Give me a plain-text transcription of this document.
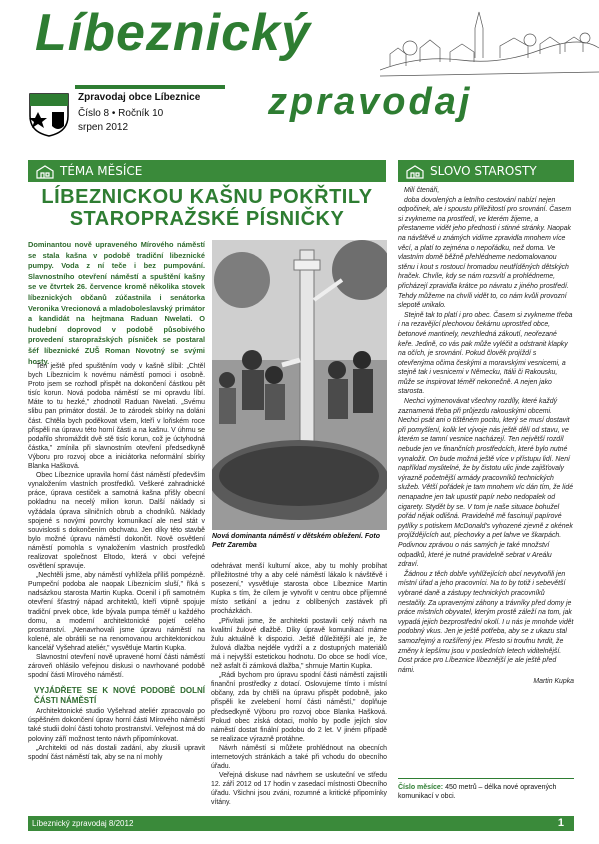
Líbeznický
zpravodaj
Zpravodaj obce Líbeznice
Číslo 8 • Ročník 10
srpen 2012
TÉMA MĚSÍCE	SLOVO STAROSTY
LÍBEZNICKOU KAŠNU POKŘTILY STAROPRAŽSKÉ PÍSNIČKY
Dominantou nově upraveného Mírového náměstí se stala kašna v podobě tradiční libeznické pumpy. Voda z ní teče i bez pumpování. Slavnostního otevření náměstí a spuštění kašny se ve čtvrtek 26. července kromě několika stovek líbeznických občanů zúčastnila i senátorka Veronika Vrecionová a mladoboleslavský primátor a kandidát na hejtmana Raduan Nwelati. O hudební doprovod v podobě působivého provedení staropražských písniček se postaral šéf líbeznické ZUŠ Roman Novotný se svými hosty.

Ten ještě před spuštěním vody v kašně slíbil: „Chtěl bych Líbeznicím k novému náměstí pomoci i osobně. Proto jsem se rozhodl přispět na dokončení částkou pět tisíc korun. Nová podoba náměstí se mi opravdu líbí. Máte to tu hezké," zhodnotil Raduan Nwelati. „Svému slibu pan primátor dostál. Je to zárodek sbírky na doláni část. Chtěla bych poděkovat všem, kteří v loňském roce přispěli na úpravu této horní části a na kašnu. V úhrnu se podařilo shromáždit dvě stě tisíc korun, což je úctyhodná částka," zmínila při slavnostním otevření předsedkyně Výboru pro rozvoj obce a iniciátorka neformální sbírky Blanka Hašková.

Obec Líbeznice upravila horní část náměstí především vynaložením vlastních prostředků. Veškeré zahradnické práce, úprava cestiček a samotná kašna přišly obecní pokladnu na necelý milion korun. Další náklady si vyžádala úprava silničních obrub a chodníků. Náklady spojené s novými povrchy komunikací ale nesl stát v souvislosti s dokončením obchvatu. Jen díky této stavbě bylo možné úpravu náměstí dokončit. Nově osvětlení náměstí pomohla s vynaložením vlastních prostředků realizovat společnost Eltodo, která v obci veřejné osvětlení spravuje.

„Nechtěli jsme, aby náměstí vyhlížela příliš pompézně. Pumpeční podoba ale naopak Líbeznicím sluší," říká s nadsázkou starosta Martin Kupka. Ocenil i při samotném otevření šťastný nápad architektů, kteří vtipně spojuje tradiční prvek obce, kde bývala pumpa téměř u každého domu, a moderní architektonické pojetí celého prostranství. „Nenavrhovali jsme úpravu náměstí na kolené, ale obrátili se na renomovanou architektonickou kancelář Vyšehrad ateliér," vysvětluje Martin Kupka.

Slavnostní otevření nově upravené horní části náměstí zároveň ohlásilo veřejnou diskusi o navrhované podobě spodní části Mírového náměstí.

VYJÁDŘETE SE K NOVÉ PODOBĚ DOLNÍ ČÁSTI NÁMĚSTÍ

Architektonické studio Vyšehrad ateliér zpracovalo po úspěšném dokončení úprav horní části Mírového náměstí také studii dolní části tohoto prostranství. Veřejnost má do poloviny září možnost tento návrh připomínkovat.

„Architekti od nás dostali zadání, aby zkusili upravit spodní část náměstí tak, aby se na ní mohly

Nová dominanta náměstí v dětském obležení. Foto Petr Zaremba

odehrávat menší kulturní akce, aby tu mohly probíhat příležitostné trhy a aby celé náměstí lákalo k návštěvě i posezení," vysvětluje starosta obce Líbeznice Martin Kupka s tím, že cílem je vytvořit v centru obce příjemné místo setkání a jednu z oblíbených zastávek při procházkách.

„Přivítali jsme, že architekti postavili celý návrh na kvalitní žulové dlažbě. Díky úpravě komunikací máme žulu aktuálně k dispozici. Ještě důležitější ale je, že žulová dlažba nejdéle vydrží a z dostupných materiálů má i nejvyšší estetickou hodnotu. Do obce se hodí více, než asfalt či zámková dlažba," shrnuje Martin Kupka.

„Rádi bychom pro úpravu spodní části náměstí zajistili finanční prostředky z dotací. Oslovujeme tímto i místní občany, zda by chtěli na úpravu přispět podobně, jako přispěli ke zvelebení horní části náměstí," doplňuje předsedkyně Výboru pro rozvoj obce Blanka Hašková. Pokud obec získá dotaci, mohlo by podle jejích slov náměstí dostat finální podobu do 2 let. V jiném případě se realizace výrazně protáhne.

Návrh náměstí si můžete prohlédnout na obecních internetových stránkách a také při vchodu do obecního úřadu.

Veřejná diskuse nad návrhem se uskuteční ve středu 12. září 2012 od 17 hodin v zasedací místnosti Obecního úřadu. Všichni jsou zváni, rozumné a kritické připomínky vítány.

Milí čtenáři,

doba dovolených a letního cestování nabízí nejen odpočinek, ale i spoustu příležitostí pro srovnání. Časem si zvykneme na prostředí, ve kterém žijeme, a přestaneme vidět jeho přednosti i stinné stránky. Naopak na návštěvě u známých vidíme zpravidla mnohem více věcí, a platí to zejména o nepořádku, než doma. Ve vlastním domě běžně přehlédneme nedomalovanou stěnu i kout s rostoucí hromadou neutříděných dětských hraček. Chvíle, kdy se nám rozsvítí a prohlédneme, přicházejí zpravidla krátce po návratu z jiného prostředí. Tehdy můžeme na chvíli vidět to, co nám kvůli provozní slepotě unikalo.

Stejně tak to platí i pro obec. Časem si zvykneme třeba i na rezavějící plechovou čekárnu uprostřed obce, betonové mantinely, nevzhledná zákoutí, neořezané keře. Jedině, co vás pak může vyléčit a odstranit klapky na očích, je srovnání. Pokud člověk projíždí s otevřenýma očima českými a moravskými vesnicemi, a stejně tak i vesnicemi v Německu, Itálii či Rakousku, může se inspirovat téměř nekonečně. A nejen jako starosta.

Nechci vyjmenovávat všechny rozdíly, které každý zaznamená třeba při průjezdu rakouskými obcemi. Nechci psát ani o tištěném pocitu, který se musí dostavit při pomyšlení, kolik let vývoje nás ještě dělí od stavu, ve kterém se tamní vesnice nacházejí. Ten největší rozdíl nebude jen ve finančních prostředcích, které bylo nutné vynaložit. On bude možná ještě více v přístupu lidí. Není například myslitelné, že by čistotu ulic jinde zajišťovaly výrazně početnější armády pracovníků technických služeb. Větší pořádek je tam mnohem víc dán tím, že lidé nenapadne jen tak upustit papír nebo nedopalek od cigarety. Stydět by se. V tom je naše situace bohužel pořád nějak odlišná. Pravidelně mě fascinují papírové pytlíky s potiskem McDonald's vyhozené zjevně z okének projíždějících aut, plechovky a pet lahve ve škarpách. Podivnou zprávou o nás samých je také množství odpadků, které je nutné pravidelně sebrat v Areálu zdraví.

Žádnou z těch dobře vyhlížejících obcí nevytvořili jen místní úřad a jeho pracovníci. Na to by totiž i sebevětší vybrané daně a zástupy technických pracovníků nestačily. Za upravenými záhony a trávníky před domy je práce místních obyvatel, kterým prostě záleží na tom, jak vypadá jejich bezprostřední okolí. I u nás je mnohde vidět podobný vkus. Jen je ještě potřeba, aby se z ukazu stal samozřejmý a rozšířený jev. Přesto si troufnu tvrdit, že změny k lepšímu jsou v posledních letech viditelnější. Dost práce pro Líbeznice líbeznější je ale ještě před námi.

Martin Kupka

Číslo měsíce: 450 metrů – délka nové opravených komunikací v obci.
Líbeznický zpravodaj 8/2012	1
